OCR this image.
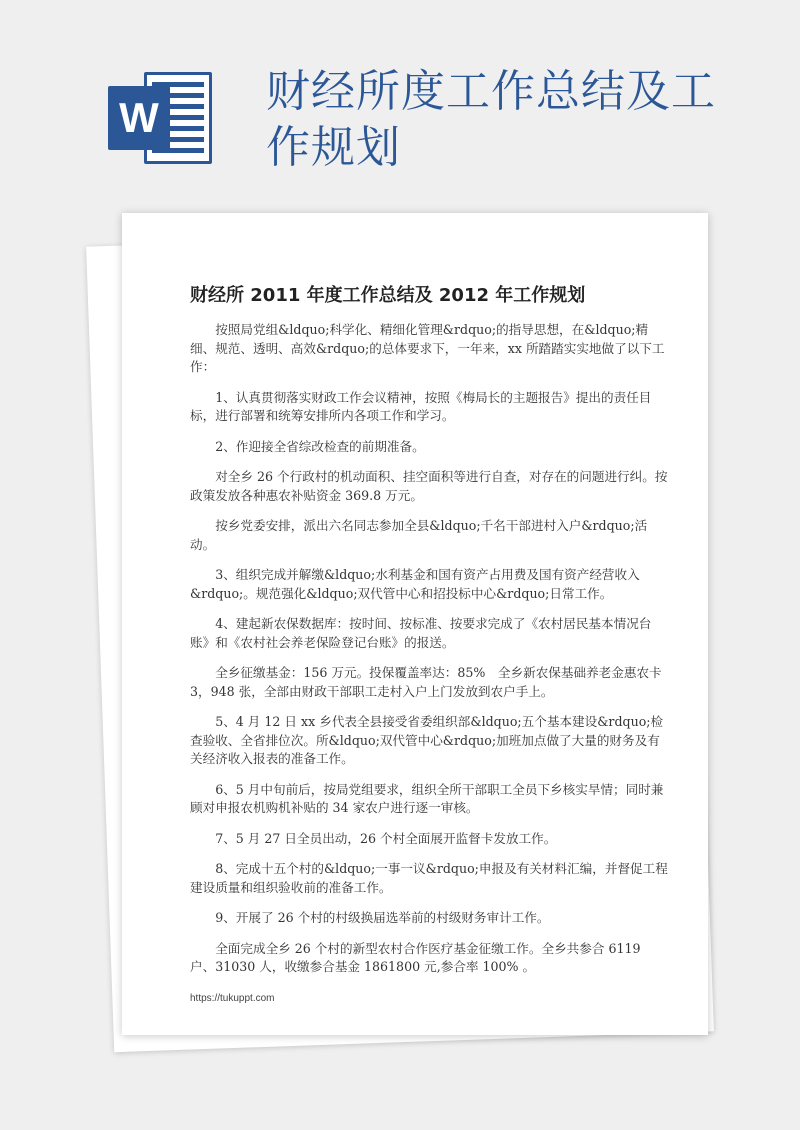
W
财经所度工作总结及工作规划
财经所 2011 年度工作总结及 2012 年工作规划

按照局党组&ldquo;科学化、精细化管理&rdquo;的指导思想，在&ldquo;精细、规范、透明、高效&rdquo;的总体要求下，一年来，xx 所踏踏实实地做了以下工作：

1、认真贯彻落实财政工作会议精神，按照《梅局长的主题报告》提出的责任目标，进行部署和统筹安排所内各项工作和学习。

2、作迎接全省综改检查的前期准备。

对全乡 26 个行政村的机动面积、挂空面积等进行自查，对存在的问题进行纠。按政策发放各种惠农补贴资金 369.8 万元。

按乡党委安排，派出六名同志参加全县&ldquo;千名干部进村入户&rdquo;活动。

3、组织完成并解缴&ldquo;水利基金和国有资产占用费及国有资产经营收入&rdquo;。规范强化&ldquo;双代管中心和招投标中心&rdquo;日常工作。

4、建起新农保数据库：按时间、按标准、按要求完成了《农村居民基本情况台账》和《农村社会养老保险登记台账》的报送。

全乡征缴基金：156 万元。投保覆盖率达：85%　全乡新农保基础养老金惠农卡 3，948 张，全部由财政干部职工走村入户上门发放到农户手上。

5、4 月 12 日 xx 乡代表全县接受省委组织部&ldquo;五个基本建设&rdquo;检查验收、全省排位次。所&ldquo;双代管中心&rdquo;加班加点做了大量的财务及有关经济收入报表的准备工作。

6、5 月中旬前后，按局党组要求，组织全所干部职工全员下乡核实旱情；同时兼顾对申报农机购机补贴的 34 家农户进行逐一审核。

7、5 月 27 日全员出动，26 个村全面展开监督卡发放工作。

8、完成十五个村的&ldquo;一事一议&rdquo;申报及有关材料汇编，并督促工程建设质量和组织验收前的准备工作。

9、开展了 26 个村的村级换届选举前的村级财务审计工作。

全面完成全乡 26 个村的新型农村合作医疗基金征缴工作。全乡共参合 6119 户、31030 人，收缴参合基金 1861800 元,参合率 100% 。

https://tukuppt.com
